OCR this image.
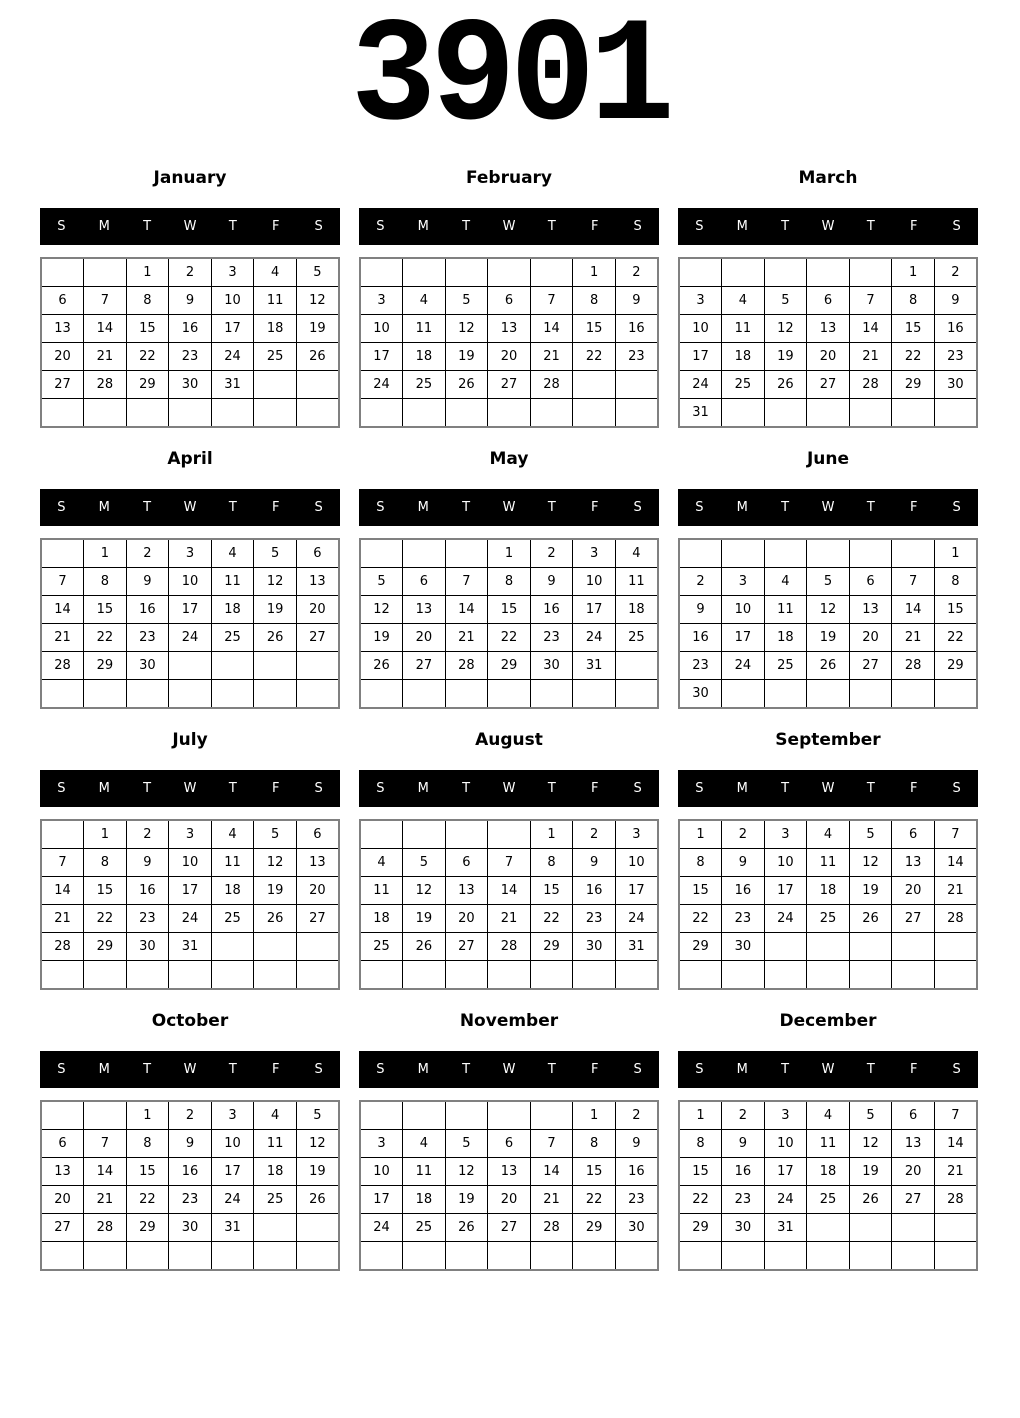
3901
January
S	M	T	W	T	F	S
		1	2	3	4	5
6	7	8	9	10	11	12
13	14	15	16	17	18	19
20	21	22	23	24	25	26
27	28	29	30	31		

February
S	M	T	W	T	F	S
					1	2
3	4	5	6	7	8	9
10	11	12	13	14	15	16
17	18	19	20	21	22	23
24	25	26	27	28		

March
S	M	T	W	T	F	S
					1	2
3	4	5	6	7	8	9
10	11	12	13	14	15	16
17	18	19	20	21	22	23
24	25	26	27	28	29	30
31						
April
S	M	T	W	T	F	S
	1	2	3	4	5	6
7	8	9	10	11	12	13
14	15	16	17	18	19	20
21	22	23	24	25	26	27
28	29	30				

May
S	M	T	W	T	F	S
			1	2	3	4
5	6	7	8	9	10	11
12	13	14	15	16	17	18
19	20	21	22	23	24	25
26	27	28	29	30	31	

June
S	M	T	W	T	F	S
						1
2	3	4	5	6	7	8
9	10	11	12	13	14	15
16	17	18	19	20	21	22
23	24	25	26	27	28	29
30						
July
S	M	T	W	T	F	S
	1	2	3	4	5	6
7	8	9	10	11	12	13
14	15	16	17	18	19	20
21	22	23	24	25	26	27
28	29	30	31			

August
S	M	T	W	T	F	S
				1	2	3
4	5	6	7	8	9	10
11	12	13	14	15	16	17
18	19	20	21	22	23	24
25	26	27	28	29	30	31

September
S	M	T	W	T	F	S
1	2	3	4	5	6	7
8	9	10	11	12	13	14
15	16	17	18	19	20	21
22	23	24	25	26	27	28
29	30					

October
S	M	T	W	T	F	S
		1	2	3	4	5
6	7	8	9	10	11	12
13	14	15	16	17	18	19
20	21	22	23	24	25	26
27	28	29	30	31		

November
S	M	T	W	T	F	S
					1	2
3	4	5	6	7	8	9
10	11	12	13	14	15	16
17	18	19	20	21	22	23
24	25	26	27	28	29	30

December
S	M	T	W	T	F	S
1	2	3	4	5	6	7
8	9	10	11	12	13	14
15	16	17	18	19	20	21
22	23	24	25	26	27	28
29	30	31				
